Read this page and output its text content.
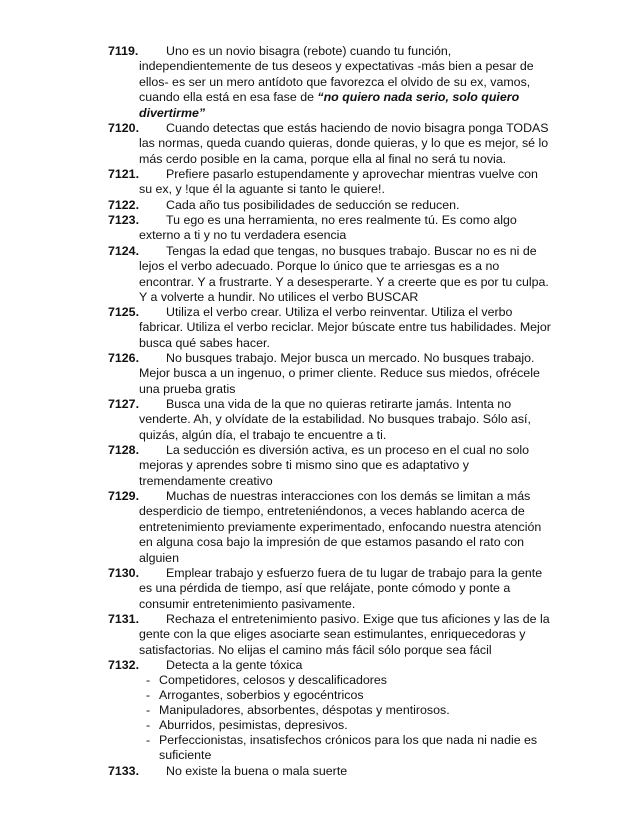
7119.	Uno es un novio bisagra (rebote) cuando tu función,
independientemente de tus deseos y expectativas -más bien a pesar de
ellos- es ser un mero antídoto que favorezca el olvido de su ex, vamos,
cuando ella está en esa fase de “no quiero nada serio, solo quiero
divertirme”
7120.	Cuando detectas que estás haciendo de novio bisagra ponga TODAS
las normas, queda cuando quieras, donde quieras, y lo que es mejor, sé lo
más cerdo posible en la cama, porque ella al final no será tu novia.
7121.	Prefiere pasarlo estupendamente y aprovechar mientras vuelve con
su ex, y !que él la aguante si tanto le quiere!.
7122.	Cada año tus posibilidades de seducción se reducen.
7123.	Tu ego es una herramienta, no eres realmente tú. Es como algo
externo a ti y no tu verdadera esencia
7124.	Tengas la edad que tengas, no busques trabajo. Buscar no es ni de
lejos el verbo adecuado. Porque lo único que te arriesgas es a no
encontrar. Y a frustrarte. Y a desesperarte. Y a creerte que es por tu culpa.
Y a volverte a hundir. No utilices el verbo BUSCAR
7125.	Utiliza el verbo crear. Utiliza el verbo reinventar. Utiliza el verbo
fabricar. Utiliza el verbo reciclar. Mejor búscate entre tus habilidades. Mejor
busca qué sabes hacer.
7126.	No busques trabajo. Mejor busca un mercado. No busques trabajo.
Mejor busca a un ingenuo, o primer cliente. Reduce sus miedos, ofrécele
una prueba gratis
7127.	Busca una vida de la que no quieras retirarte jamás. Intenta no
venderte. Ah, y olvídate de la estabilidad. No busques trabajo. Sólo así,
quizás, algún día, el trabajo te encuentre a ti.
7128.	La seducción es diversión activa, es un proceso en el cual no solo
mejoras y aprendes sobre ti mismo sino que es adaptativo y
tremendamente creativo
7129.	Muchas de nuestras interacciones con los demás se limitan a más
desperdicio de tiempo, entreteniéndonos, a veces hablando acerca de
entretenimiento previamente experimentado, enfocando nuestra atención
en alguna cosa bajo la impresión de que estamos pasando el rato con
alguien
7130.	Emplear trabajo y esfuerzo fuera de tu lugar de trabajo para la gente
es una pérdida de tiempo, así que relájate, ponte cómodo y ponte a
consumir entretenimiento pasivamente.
7131.	Rechaza el entretenimiento pasivo. Exige que tus aficiones y las de la
gente con la que eliges asociarte sean estimulantes, enriquecedoras y
satisfactorias. No elijas el camino más fácil sólo porque sea fácil
7132.	Detecta a la gente tóxica
- Competidores, celosos y descalificadores
- Arrogantes, soberbios y egocéntricos
- Manipuladores, absorbentes, déspotas y mentirosos.
- Aburridos, pesimistas, depresivos.
- Perfeccionistas, insatisfechos crónicos para los que nada ni nadie es
suficiente
7133.	No existe la buena o mala suerte
